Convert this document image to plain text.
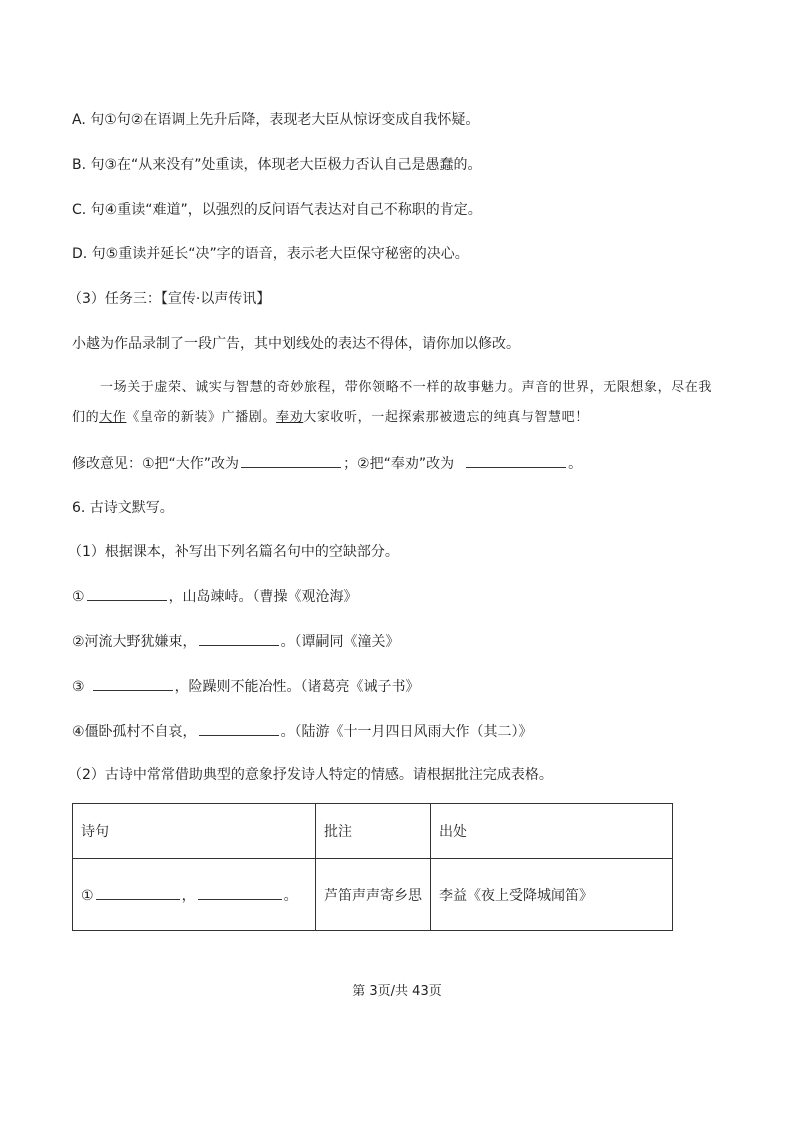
A. 句①句②在语调上先升后降，表现老大臣从惊讶变成自我怀疑。
B. 句③在“从来没有”处重读，体现老大臣极力否认自己是愚蠢的。
C. 句④重读“难道”，以强烈的反问语气表达对自己不称职的肯定。
D. 句⑤重读并延长“决”字的语音，表示老大臣保守秘密的决心。
（3）任务三：【宣传·以声传讯】
小越为作品录制了一段广告，其中划线处的表达不得体，请你加以修改。
一场关于虚荣、诚实与智慧的奇妙旅程，带你领略不一样的故事魅力。声音的世界，无限想象，尽在我们的大作《皇帝的新装》广播剧。奉劝大家收听，一起探索那被遗忘的纯真与智慧吧！
修改意见：①把“大作”改为	；②把“奉劝”改为	。
6. 古诗文默写。
（1）根据课本，补写出下列名篇名句中的空缺部分。
①	，山岛竦峙。（曹操《观沧海》
②河流大野犹嫌束，	。（谭嗣同《潼关》
③	，险躁则不能冶性。（诸葛亮《诫子书》
④僵卧孤村不自哀，	。（陆游《十一月四日风雨大作（其二）》
（2）古诗中常常借助典型的意象抒发诗人特定的情感。请根据批注完成表格。
诗句	批注	出处
① ， 。	芦笛声声寄乡思	李益《夜上受降城闻笛》
第 3页/共 43页
